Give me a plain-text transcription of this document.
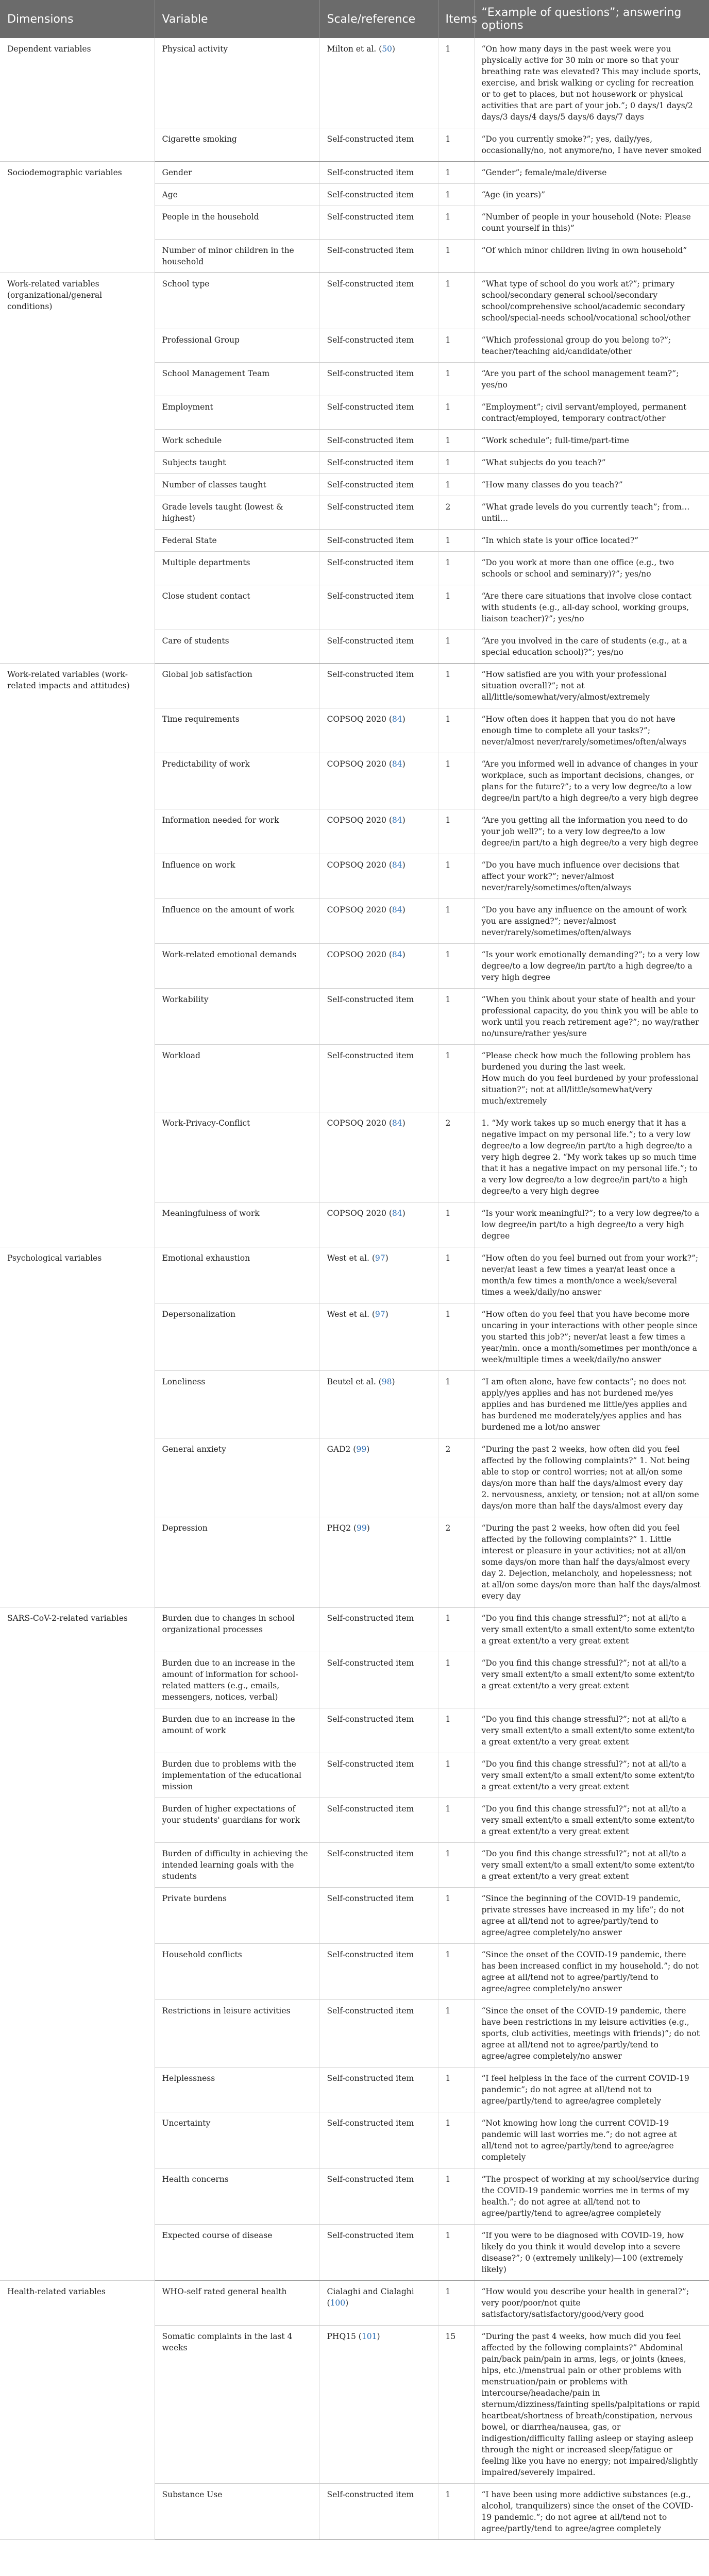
Dimensions	Variable	Scale/reference	Items	“Example of questions”; answering options
Dependent variables	Physical activity	Milton et al. (50)	1	“On how many days in the past week were you physically active for 30 min or more so that your breathing rate was elevated? This may include sports, exercise, and brisk walking or cycling for recreation or to get to places, but not housework or physical activities that are part of your job.”; 0 days/1 days/2 days/3 days/4 days/5 days/6 days/7 days
	Cigarette smoking	Self-constructed item	1	“Do you currently smoke?”; yes, daily/yes, occasionally/no, not anymore/no, I have never smoked
Sociodemographic variables	Gender	Self-constructed item	1	“Gender”; female/male/diverse
	Age	Self-constructed item	1	“Age (in years)”
	People in the household	Self-constructed item	1	“Number of people in your household (Note: Please count yourself in this)”
	Number of minor children in the household	Self-constructed item	1	“Of which minor children living in own household”
Work-related variables (organizational/general conditions)	School type	Self-constructed item	1	“What type of school do you work at?”; primary school/secondary general school/secondary school/comprehensive school/academic secondary school/special-needs school/vocational school/other
	Professional Group	Self-constructed item	1	“Which professional group do you belong to?”; teacher/teaching aid/candidate/other
	School Management Team	Self-constructed item	1	“Are you part of the school management team?”; yes/no
	Employment	Self-constructed item	1	“Employment”; civil servant/employed, permanent contract/employed, temporary contract/other
	Work schedule	Self-constructed item	1	“Work schedule”; full-time/part-time
	Subjects taught	Self-constructed item	1	“What subjects do you teach?”
	Number of classes taught	Self-constructed item	1	“How many classes do you teach?”
	Grade levels taught (lowest & highest)	Self-constructed item	2	“What grade levels do you currently teach”; from… until…
	Federal State	Self-constructed item	1	“In which state is your office located?”
	Multiple departments	Self-constructed item	1	“Do you work at more than one office (e.g., two schools or school and seminary)?”; yes/no
	Close student contact	Self-constructed item	1	“Are there care situations that involve close contact with students (e.g., all-day school, working groups, liaison teacher)?”; yes/no
	Care of students	Self-constructed item	1	“Are you involved in the care of students (e.g., at a special education school)?”; yes/no
Work-related variables (work-related impacts and attitudes)	Global job satisfaction	Self-constructed item	1	“How satisfied are you with your professional situation overall?”; not at all/little/somewhat/very/almost/extremely
	Time requirements	COPSOQ 2020 (84)	1	“How often does it happen that you do not have enough time to complete all your tasks?”; never/almost never/rarely/sometimes/often/always
	Predictability of work	COPSOQ 2020 (84)	1	“Are you informed well in advance of changes in your workplace, such as important decisions, changes, or plans for the future?”; to a very low degree/to a low degree/in part/to a high degree/to a very high degree
	Information needed for work	COPSOQ 2020 (84)	1	“Are you getting all the information you need to do your job well?”; to a very low degree/to a low degree/in part/to a high degree/to a very high degree
	Influence on work	COPSOQ 2020 (84)	1	“Do you have much influence over decisions that affect your work?”; never/almost never/rarely/sometimes/often/always
	Influence on the amount of work	COPSOQ 2020 (84)	1	“Do you have any influence on the amount of work you are assigned?”; never/almost never/rarely/sometimes/often/always
	Work-related emotional demands	COPSOQ 2020 (84)	1	“Is your work emotionally demanding?”; to a very low degree/to a low degree/in part/to a high degree/to a very high degree
	Workability	Self-constructed item	1	“When you think about your state of health and your professional capacity, do you think you will be able to work until you reach retirement age?”; no way/rather no/unsure/rather yes/sure
	Workload	Self-constructed item	1	“Please check how much the following problem has burdened you during the last week.
How much do you feel burdened by your professional situation?”; not at all/little/somewhat/very much/extremely
	Work-Privacy-Conflict	COPSOQ 2020 (84)	2	1. “My work takes up so much energy that it has a negative impact on my personal life.”; to a very low degree/to a low degree/in part/to a high degree/to a very high degree 2. “My work takes up so much time that it has a negative impact on my personal life.”; to a very low degree/to a low degree/in part/to a high degree/to a very high degree
	Meaningfulness of work	COPSOQ 2020 (84)	1	“Is your work meaningful?”; to a very low degree/to a low degree/in part/to a high degree/to a very high degree
Psychological variables	Emotional exhaustion	West et al. (97)	1	“How often do you feel burned out from your work?”; never/at least a few times a year/at least once a month/a few times a month/once a week/several times a week/daily/no answer
	Depersonalization	West et al. (97)	1	“How often do you feel that you have become more uncaring in your interactions with other people since you started this job?”; never/at least a few times a year/min. once a month/sometimes per month/once a week/multiple times a week/daily/no answer
	Loneliness	Beutel et al. (98)	1	“I am often alone, have few contacts”; no does not apply/yes applies and has not burdened me/yes applies and has burdened me little/yes applies and has burdened me moderately/yes applies and has burdened me a lot/no answer
	General anxiety	GAD2 (99)	2	“During the past 2 weeks, how often did you feel affected by the following complaints?” 1. Not being able to stop or control worries; not at all/on some days/on more than half the days/almost every day
2. nervousness, anxiety, or tension; not at all/on some days/on more than half the days/almost every day
	Depression	PHQ2 (99)	2	“During the past 2 weeks, how often did you feel affected by the following complaints?” 1. Little interest or pleasure in your activities; not at all/on some days/on more than half the days/almost every day 2. Dejection, melancholy, and hopelessness; not at all/on some days/on more than half the days/almost every day
SARS-CoV-2-related variables	Burden due to changes in school organizational processes	Self-constructed item	1	“Do you find this change stressful?”; not at all/to a very small extent/to a small extent/to some extent/to a great extent/to a very great extent
	Burden due to an increase in the amount of information for school-related matters (e.g., emails, messengers, notices, verbal)	Self-constructed item	1	“Do you find this change stressful?”; not at all/to a very small extent/to a small extent/to some extent/to a great extent/to a very great extent
	Burden due to an increase in the amount of work	Self-constructed item	1	“Do you find this change stressful?”; not at all/to a very small extent/to a small extent/to some extent/to a great extent/to a very great extent
	Burden due to problems with the implementation of the educational mission	Self-constructed item	1	“Do you find this change stressful?”; not at all/to a very small extent/to a small extent/to some extent/to a great extent/to a very great extent
	Burden of higher expectations of your students' guardians for work	Self-constructed item	1	“Do you find this change stressful?”; not at all/to a very small extent/to a small extent/to some extent/to a great extent/to a very great extent
	Burden of difficulty in achieving the intended learning goals with the students	Self-constructed item	1	“Do you find this change stressful?”; not at all/to a very small extent/to a small extent/to some extent/to a great extent/to a very great extent
	Private burdens	Self-constructed item	1	“Since the beginning of the COVID-19 pandemic, private stresses have increased in my life”; do not agree at all/tend not to agree/partly/tend to agree/agree completely/no answer
	Household conflicts	Self-constructed item	1	“Since the onset of the COVID-19 pandemic, there has been increased conflict in my household.”; do not agree at all/tend not to agree/partly/tend to agree/agree completely/no answer
	Restrictions in leisure activities	Self-constructed item	1	“Since the onset of the COVID-19 pandemic, there have been restrictions in my leisure activities (e.g., sports, club activities, meetings with friends)”; do not agree at all/tend not to agree/partly/tend to agree/agree completely/no answer
	Helplessness	Self-constructed item	1	“I feel helpless in the face of the current COVID-19 pandemic”; do not agree at all/tend not to agree/partly/tend to agree/agree completely
	Uncertainty	Self-constructed item	1	“Not knowing how long the current COVID-19 pandemic will last worries me.”; do not agree at all/tend not to agree/partly/tend to agree/agree completely
	Health concerns	Self-constructed item	1	“The prospect of working at my school/service during the COVID-19 pandemic worries me in terms of my health.”; do not agree at all/tend not to agree/partly/tend to agree/agree completely
	Expected course of disease	Self-constructed item	1	“If you were to be diagnosed with COVID-19, how likely do you think it would develop into a severe disease?”; 0 (extremely unlikely)—100 (extremely likely)
Health-related variables	WHO-self rated general health	Cialaghi and Cialaghi (100)	1	“How would you describe your health in general?”; very poor/poor/not quite satisfactory/satisfactory/good/very good
	Somatic complaints in the last 4 weeks	PHQ15 (101)	15	“During the past 4 weeks, how much did you feel affected by the following complaints?” Abdominal pain/back pain/pain in arms, legs, or joints (knees, hips, etc.)/menstrual pain or other problems with menstruation/pain or problems with intercourse/headache/pain in sternum/dizziness/fainting spells/palpitations or rapid heartbeat/shortness of breath/constipation, nervous bowel, or diarrhea/nausea, gas, or indigestion/difficulty falling asleep or staying asleep through the night or increased sleep/fatigue or feeling like you have no energy; not impaired/slightly impaired/severely impaired.
	Substance Use	Self-constructed item	1	“I have been using more addictive substances (e.g., alcohol, tranquilizers) since the onset of the COVID-19 pandemic.”; do not agree at all/tend not to agree/partly/tend to agree/agree completely
